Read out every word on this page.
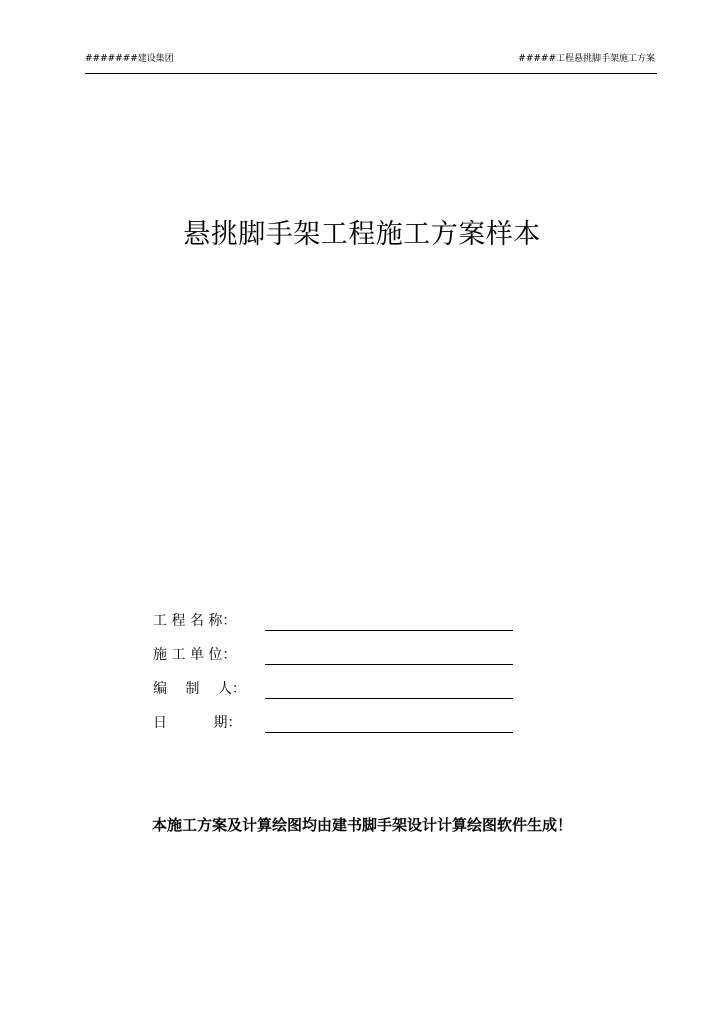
#######建设集团	#####工程悬挑脚手架施工方案
悬挑脚手架工程施工方案样本
工 程 名 称：
施 工 单 位：
编　 制　 人：
日　　　 期：
本施工方案及计算绘图均由建书脚手架设计计算绘图软件生成！
